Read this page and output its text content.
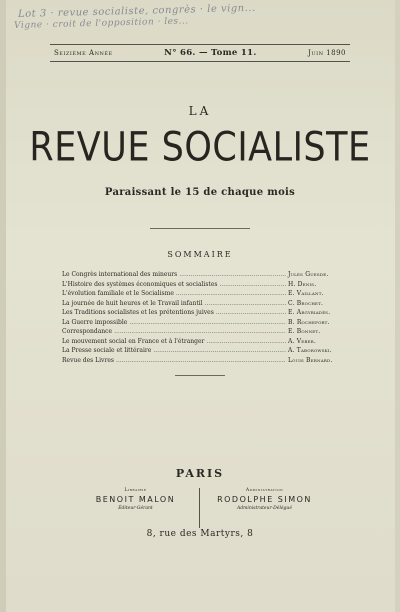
Lot 3 · revue socialiste, congrès · le vign...
Vigne · croit de l'opposition · les...
Seizième Année	N° 66. — Tome 11.	Juin 1890
LA
REVUE SOCIALISTE
Paraissant le 15 de chaque mois
SOMMAIRE
Le Congrès international des mineurs .....	Jules Guesde.
L'Histoire des systèmes économiques et socialistes .....	H. Denis.
L'évolution familiale et le Socialisme .....	E. Vaillant.
La journée de huit heures et le Travail infantil .....	C. Brochet.
Les Traditions socialistes et les prétentions juives .....	E. Argyriadès.
La Guerre impossible .....	B. Rochefort.
Correspondance .....	E. Bonnet.
Le mouvement social en France et à l'étranger .....	A. Veber.
La Presse sociale et littéraire .....	A. Taborowski.
Revue des Livres .....	Louis Bernard.
PARIS
Librairie
BENOIT MALON
Éditeur-Gérant
Administration
RODOLPHE SIMON
Administrateur-Délégué
8, rue des Martyrs, 8
